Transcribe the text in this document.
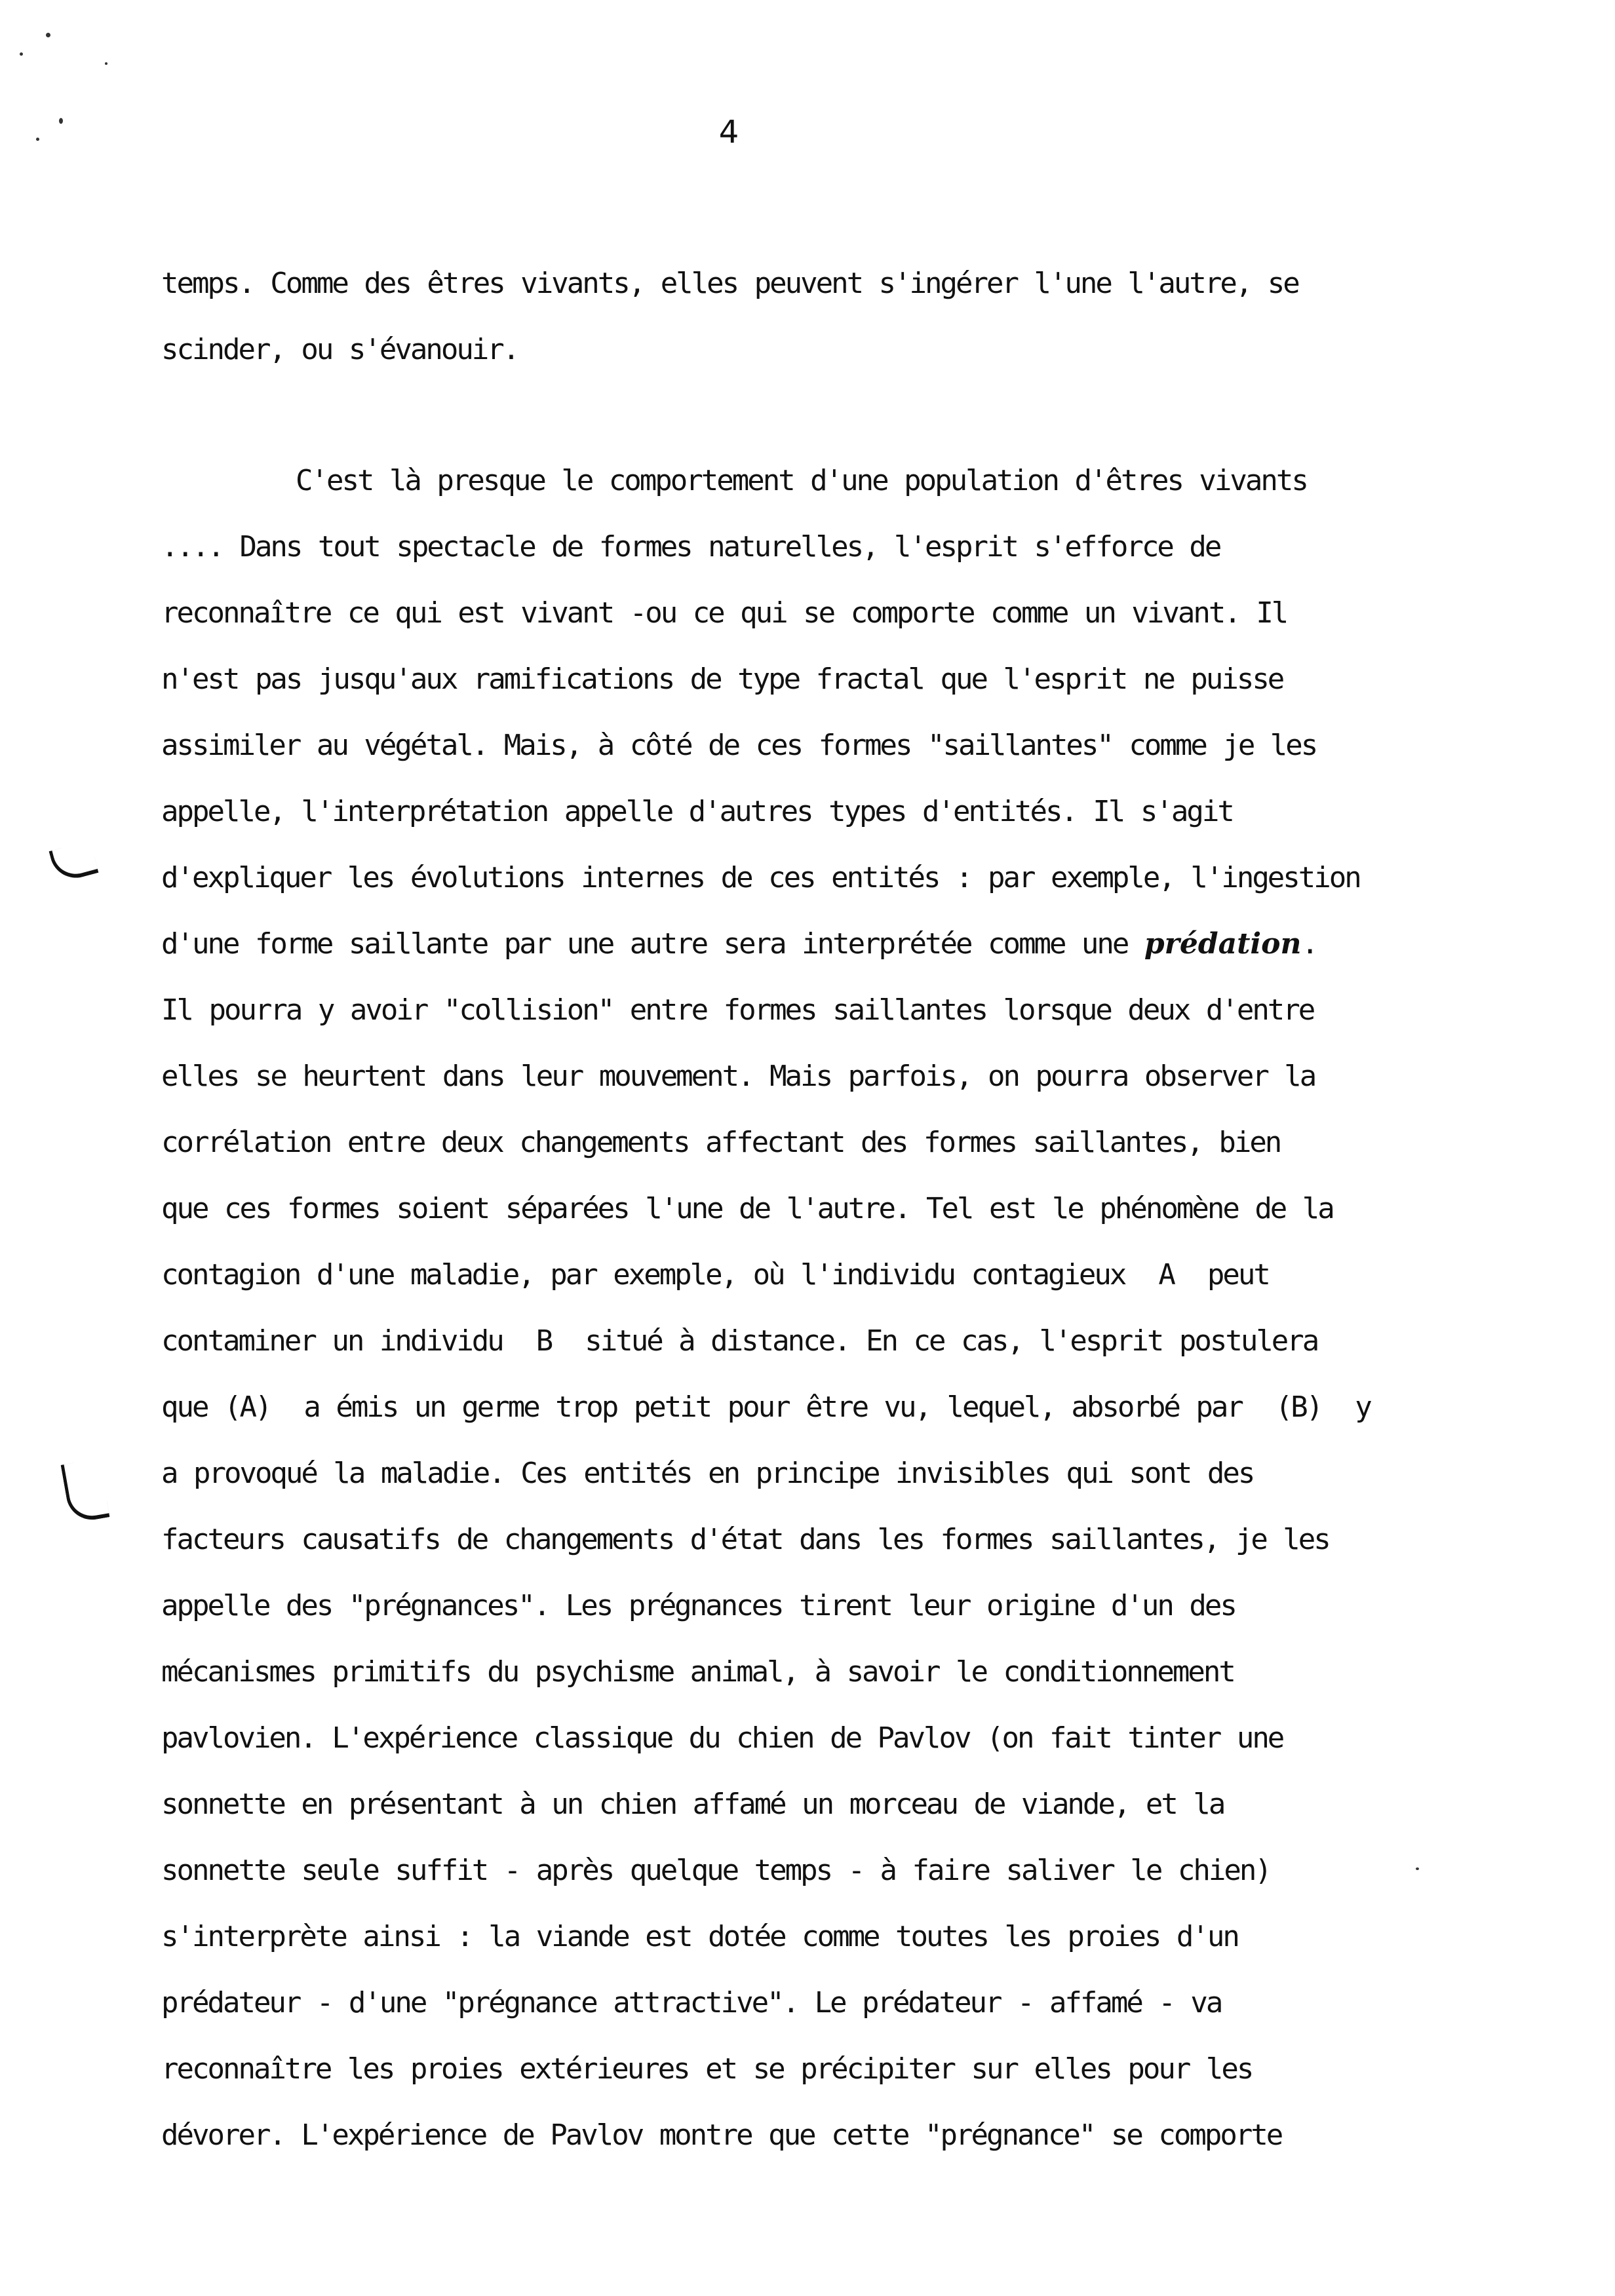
4
temps. Comme des êtres vivants, elles peuvent s'ingérer l'une l'autre, se
scinder, ou s'évanouir.
C'est là presque le comportement d'une population d'êtres vivants
.... Dans tout spectacle de formes naturelles, l'esprit s'efforce de
reconnaître ce qui est vivant -ou ce qui se comporte comme un vivant. Il
n'est pas jusqu'aux ramifications de type fractal que l'esprit ne puisse
assimiler au végétal. Mais, à côté de ces formes "saillantes" comme je les
appelle, l'interprétation appelle d'autres types d'entités. Il s'agit
d'expliquer les évolutions internes de ces entités : par exemple, l'ingestion
d'une forme saillante par une autre sera interprétée comme une prédation.
Il pourra y avoir "collision" entre formes saillantes lorsque deux d'entre
elles se heurtent dans leur mouvement. Mais parfois, on pourra observer la
corrélation entre deux changements affectant des formes saillantes, bien
que ces formes soient séparées l'une de l'autre. Tel est le phénomène de la
contagion d'une maladie, par exemple, où l'individu contagieux  A  peut
contaminer un individu  B  situé à distance. En ce cas, l'esprit postulera
que (A)  a émis un germe trop petit pour être vu, lequel, absorbé par  (B)  y
a provoqué la maladie. Ces entités en principe invisibles qui sont des
facteurs causatifs de changements d'état dans les formes saillantes, je les
appelle des "prégnances". Les prégnances tirent leur origine d'un des
mécanismes primitifs du psychisme animal, à savoir le conditionnement
pavlovien. L'expérience classique du chien de Pavlov (on fait tinter une
sonnette en présentant à un chien affamé un morceau de viande, et la
sonnette seule suffit - après quelque temps - à faire saliver le chien)
s'interprète ainsi : la viande est dotée comme toutes les proies d'un
prédateur - d'une "prégnance attractive". Le prédateur - affamé - va
reconnaître les proies extérieures et se précipiter sur elles pour les
dévorer. L'expérience de Pavlov montre que cette "prégnance" se comporte
